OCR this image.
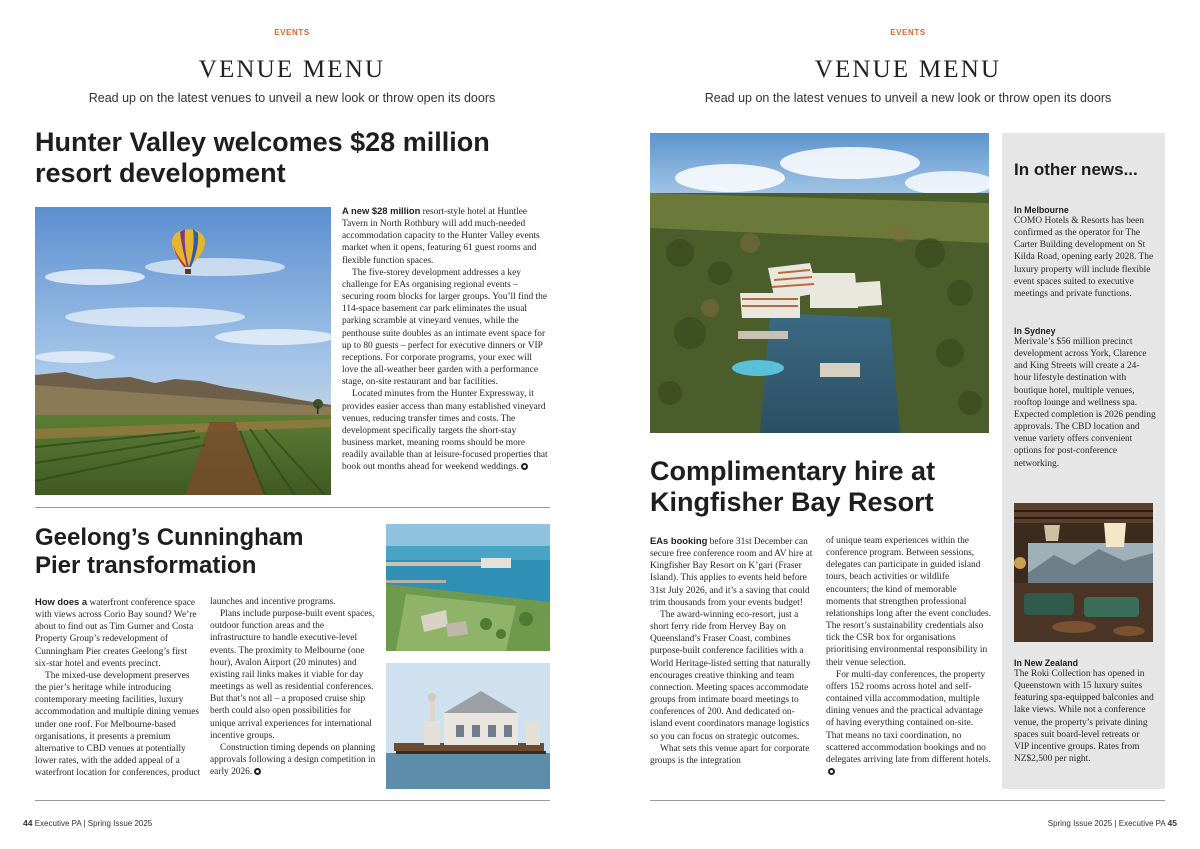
EVENTS
VENUE MENU
Read up on the latest venues to unveil a new look or throw open its doors
Hunter Valley welcomes $28 million
resort development

A new $28 million resort-style hotel at Huntlee Tavern in North Rothbury will add much-needed accommodation capacity to the Hunter Valley events market when it opens, featuring 61 guest rooms and flexible function spaces.

The five-storey development addresses a key challenge for EAs organising regional events – securing room blocks for larger groups. You’ll find the 114-space basement car park eliminates the usual parking scramble at vineyard venues, while the penthouse suite doubles as an intimate event space for up to 80 guests – perfect for executive dinners or VIP receptions. For corporate programs, your exec will love the all-weather beer garden with a performance stage, on-site restaurant and bar facilities.

Located minutes from the Hunter Expressway, it provides easier access than many established vineyard venues, reducing transfer times and costs. The development specifically targets the short-stay business market, meaning rooms should be more readily available than at leisure-focused properties that book out months ahead for weekend weddings.

Geelong’s Cunningham
Pier transformation

How does a waterfront conference space with views across Corio Bay sound? We’re about to find out as Tim Gurner and Costa Property Group’s redevelopment of Cunningham Pier creates Geelong’s first six-star hotel and events precinct.

The mixed-use development preserves the pier’s heritage while introducing contemporary meeting facilities, luxury accommodation and multiple dining venues under one roof. For Melbourne-based organisations, it presents a premium alternative to CBD venues at potentially lower rates, with the added appeal of a waterfront location for conferences, product

launches and incentive programs.

Plans include purpose-built event spaces, outdoor function areas and the infrastructure to handle executive-level events. The proximity to Melbourne (one hour), Avalon Airport (20 minutes) and existing rail links makes it viable for day meetings as well as residential conferences. But that’s not all – a proposed cruise ship berth could also open possibilities for unique arrival experiences for international incentive groups.

Construction timing depends on planning approvals following a design competition in early 2026.

44 Executive PA | Spring Issue 2025
EVENTS
VENUE MENU
Read up on the latest venues to unveil a new look or throw open its doors
Complimentary hire at
Kingfisher Bay Resort

EAs booking before 31st December can secure free conference room and AV hire at Kingfisher Bay Resort on K’gari (Fraser Island). This applies to events held before 31st July 2026, and it’s a saving that could trim thousands from your events budget!

The award-winning eco-resort, just a short ferry ride from Hervey Bay on Queensland’s Fraser Coast, combines purpose-built conference facilities with a World Heritage-listed setting that naturally encourages creative thinking and team connection. Meeting spaces accommodate groups from intimate board meetings to conferences of 200. And dedicated on-island event coordinators manage logistics so you can focus on strategic outcomes.

What sets this venue apart for corporate groups is the integration

of unique team experiences within the conference program. Between sessions, delegates can participate in guided island tours, beach activities or wildlife encounters; the kind of memorable moments that strengthen professional relationships long after the event concludes. The resort’s sustainability credentials also tick the CSR box for organisations prioritising environmental responsibility in their venue selection.

For multi-day conferences, the property offers 152 rooms across hotel and self-contained villa accommodation, multiple dining venues and the practical advantage of having everything contained on-site. That means no taxi coordination, no scattered accommodation bookings and no delegates arriving late from different hotels.

In other news...
In Melbourne
COMO Hotels & Resorts has been confirmed as the operator for The Carter Building development on St Kilda Road, opening early 2028. The luxury property will include flexible event spaces suited to executive meetings and private functions.
In Sydney
Merivale’s $56 million precinct development across York, Clarence and King Streets will create a 24-hour lifestyle destination with boutique hotel, multiple venues, rooftop lounge and wellness spa. Expected completion is 2026 pending approvals. The CBD location and venue variety offers convenient options for post-conference networking.
In New Zealand
The Roki Collection has opened in Queenstown with 15 luxury suites featuring spa-equipped balconies and lake views. While not a conference venue, the property’s private dining spaces suit board-level retreats or VIP incentive groups. Rates from NZ$2,500 per night.
Spring Issue 2025 | Executive PA 45
